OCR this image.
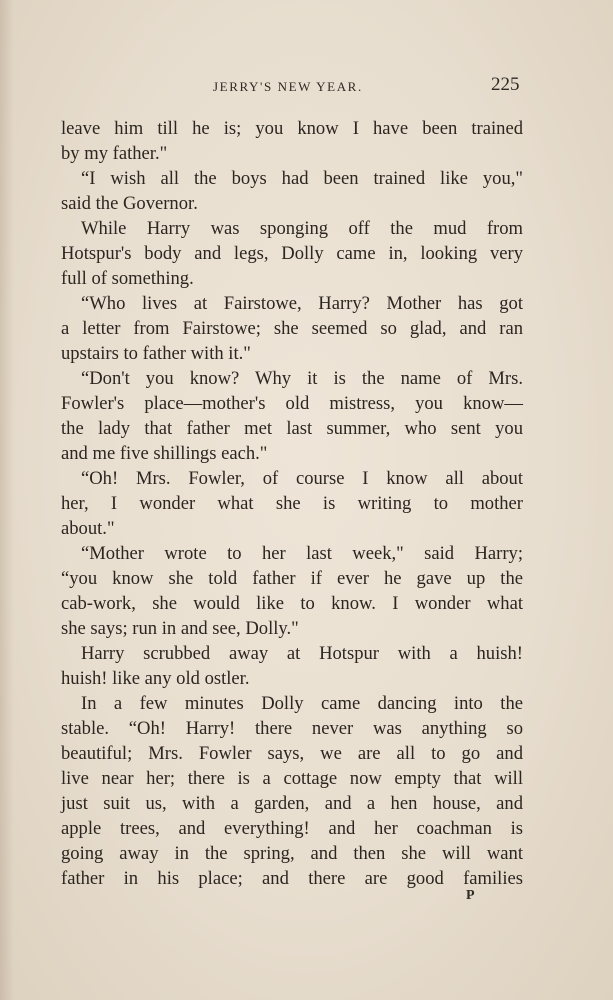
JERRY'S NEW YEAR.	225
leave him till he is; you know I have been trained
by my father."
“I wish all the boys had been trained like you,"
said the Governor.
While Harry was sponging off the mud from
Hotspur's body and legs, Dolly came in, looking very
full of something.
“Who lives at Fairstowe, Harry? Mother has got
a letter from Fairstowe; she seemed so glad, and ran
upstairs to father with it."
“Don't you know? Why it is the name of Mrs.
Fowler's place—mother's old mistress, you know—
the lady that father met last summer, who sent you
and me five shillings each."
“Oh! Mrs. Fowler, of course I know all about
her, I wonder what she is writing to mother
about."
“Mother wrote to her last week," said Harry;
“you know she told father if ever he gave up the
cab-work, she would like to know. I wonder what
she says; run in and see, Dolly."
Harry scrubbed away at Hotspur with a huish!
huish! like any old ostler.
In a few minutes Dolly came dancing into the
stable. “Oh! Harry! there never was anything so
beautiful; Mrs. Fowler says, we are all to go and
live near her; there is a cottage now empty that will
just suit us, with a garden, and a hen house, and
apple trees, and everything! and her coachman is
going away in the spring, and then she will want
father in his place; and there are good families
P
